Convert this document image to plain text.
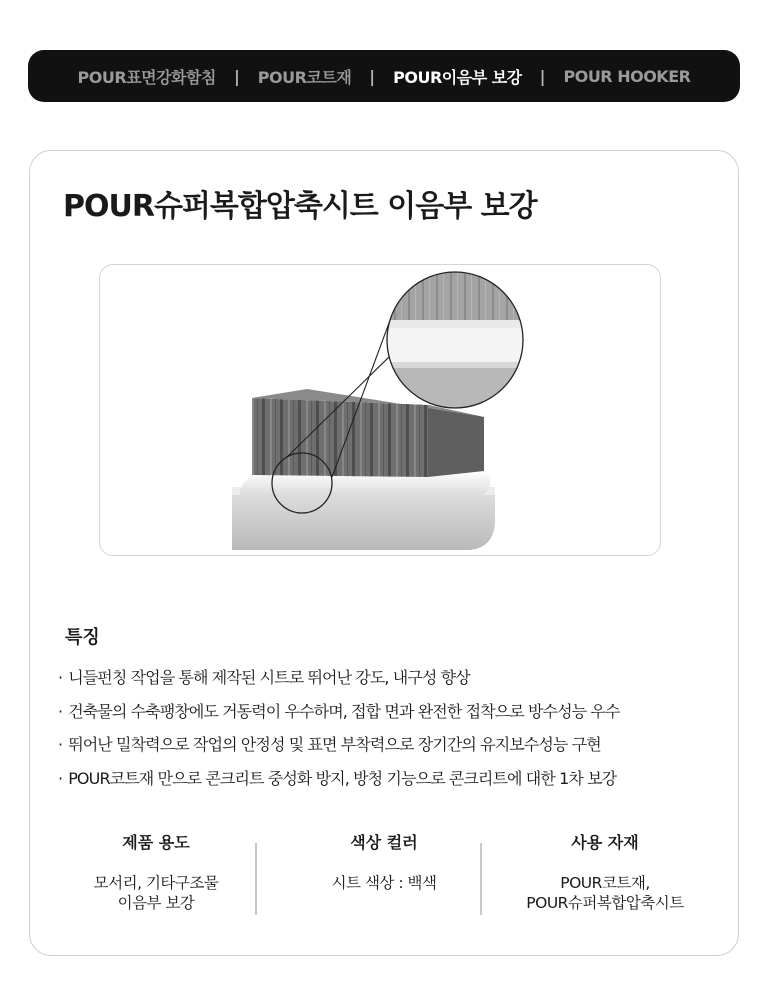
POUR표면강화함침 | POUR코트재 | POUR이음부 보강 | POUR HOOKER
POUR슈퍼복합압축시트 이음부 보강
특징
· 니들펀칭 작업을 통해 제작된 시트로 뛰어난 강도, 내구성 향상
· 건축물의 수축팽창에도 거동력이 우수하며, 접합 면과 완전한 접착으로 방수성능 우수
· 뛰어난 밀착력으로 작업의 안정성 및 표면 부착력으로 장기간의 유지보수성능 구현
· POUR코트재 만으로 콘크리트 중성화 방지, 방청 기능으로 콘크리트에 대한 1차 보강
제품 용도
모서리, 기타구조물
이음부 보강
색상 컬러
시트 색상 : 백색
사용 자재
POUR코트재,
POUR슈퍼복합압축시트
